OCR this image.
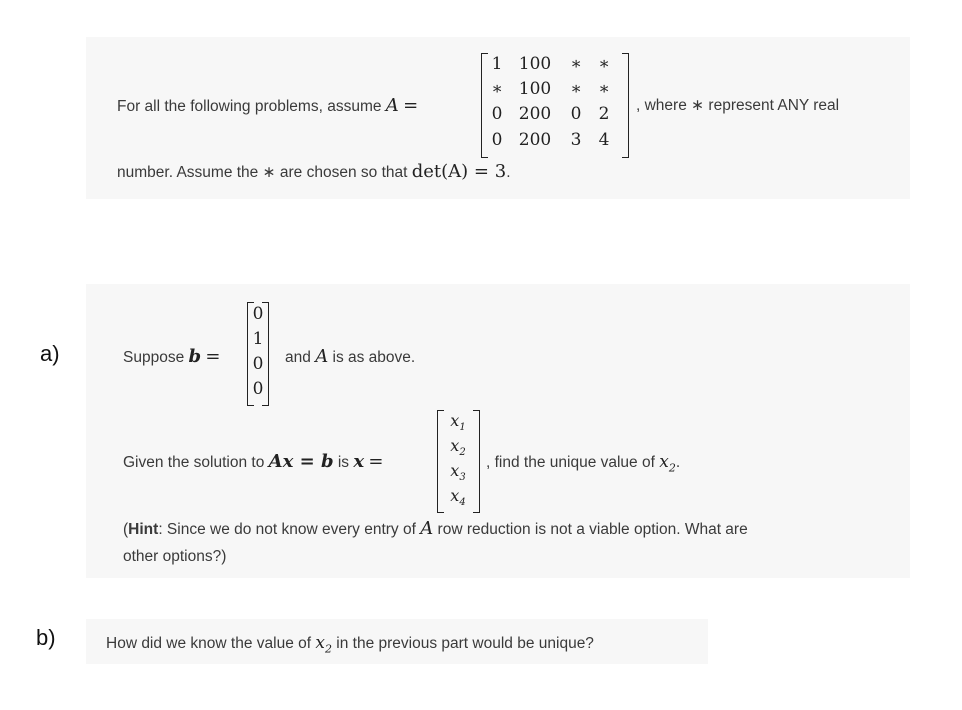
For all the following problems, assume A =
1 100	∗ ∗
∗ 100	∗ ∗
0 200	0	2
0 200	3	4
, where ∗ represent ANY real
number. Assume the ∗ are chosen so that det(A) = 3.
a)	Suppose b =
0
1
0
0
and A is as above.
Given the solution to Ax = b is x =
$x_1$
$x_2$
$x_3$
$x_4$
, find the unique value of $x_2$.
(Hint: Since we do not know every entry of A row reduction is not a viable option. What are
other options?)
b)	How did we know the value of $x_2$ in the previous part would be unique?
